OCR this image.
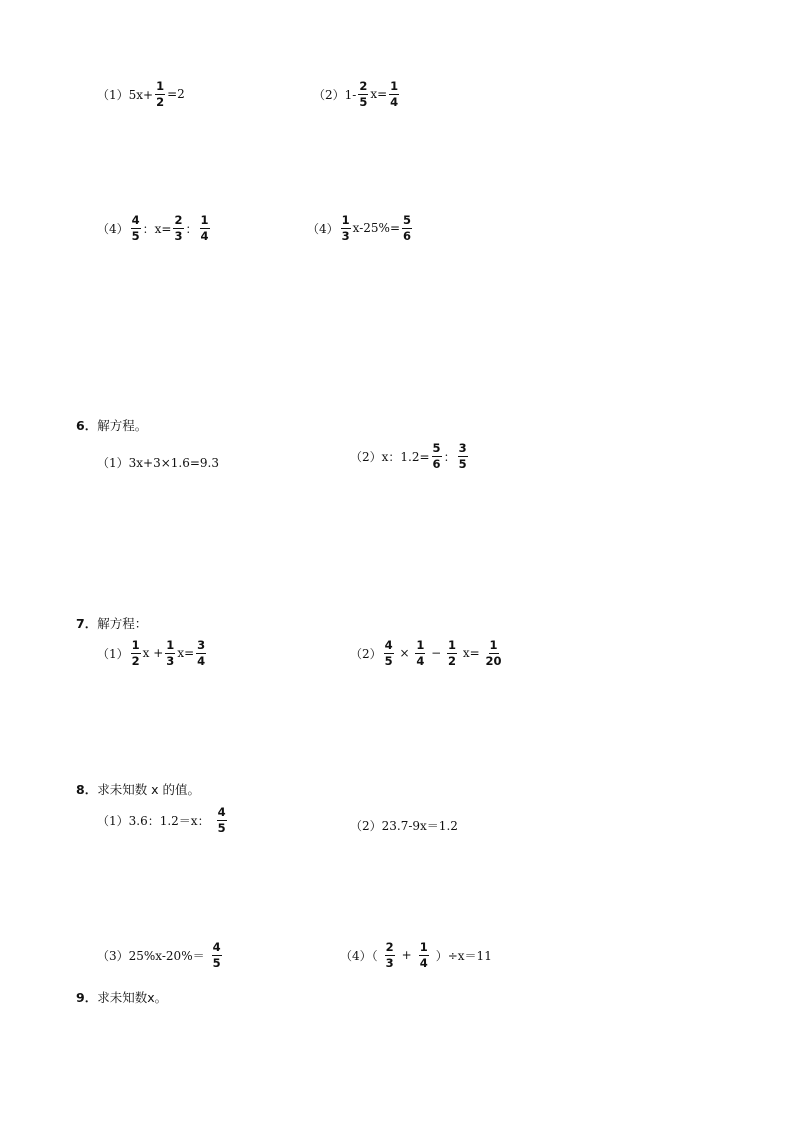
$(1)5x+ \frac{1}{2} =2$	$(2)1- \frac{2}{5} x= \frac{1}{4}$
$(4) \frac{4}{5}$ ：$x= \frac{2}{3}$ ： $\frac{1}{4}$	$(4) \frac{1}{3} x-25\%= \frac{5}{6}$
6．解方程。
（1）3x+3×1.6=9.3	（2）x：$1.2= \frac{5}{6}$ ： $\frac{3}{5}$
7．解方程：
$(1) \frac{1}{2}$ $x + \frac{1}{3} x= \frac{3}{4}$	$(2) \frac{4}{5} \times \frac{1}{4} - \frac{1}{2} x= \frac{1}{20}$
8．求未知数 x 的值。
（1）3.6：1.2＝x： $\frac{4}{5}$	（2）23.7-9x＝1.2
$(3)25\%x-20\%= \frac{4}{5}$	$(4)( \frac{2}{3} + \frac{1}{4} )\div x=11$
9．求未知数x。
